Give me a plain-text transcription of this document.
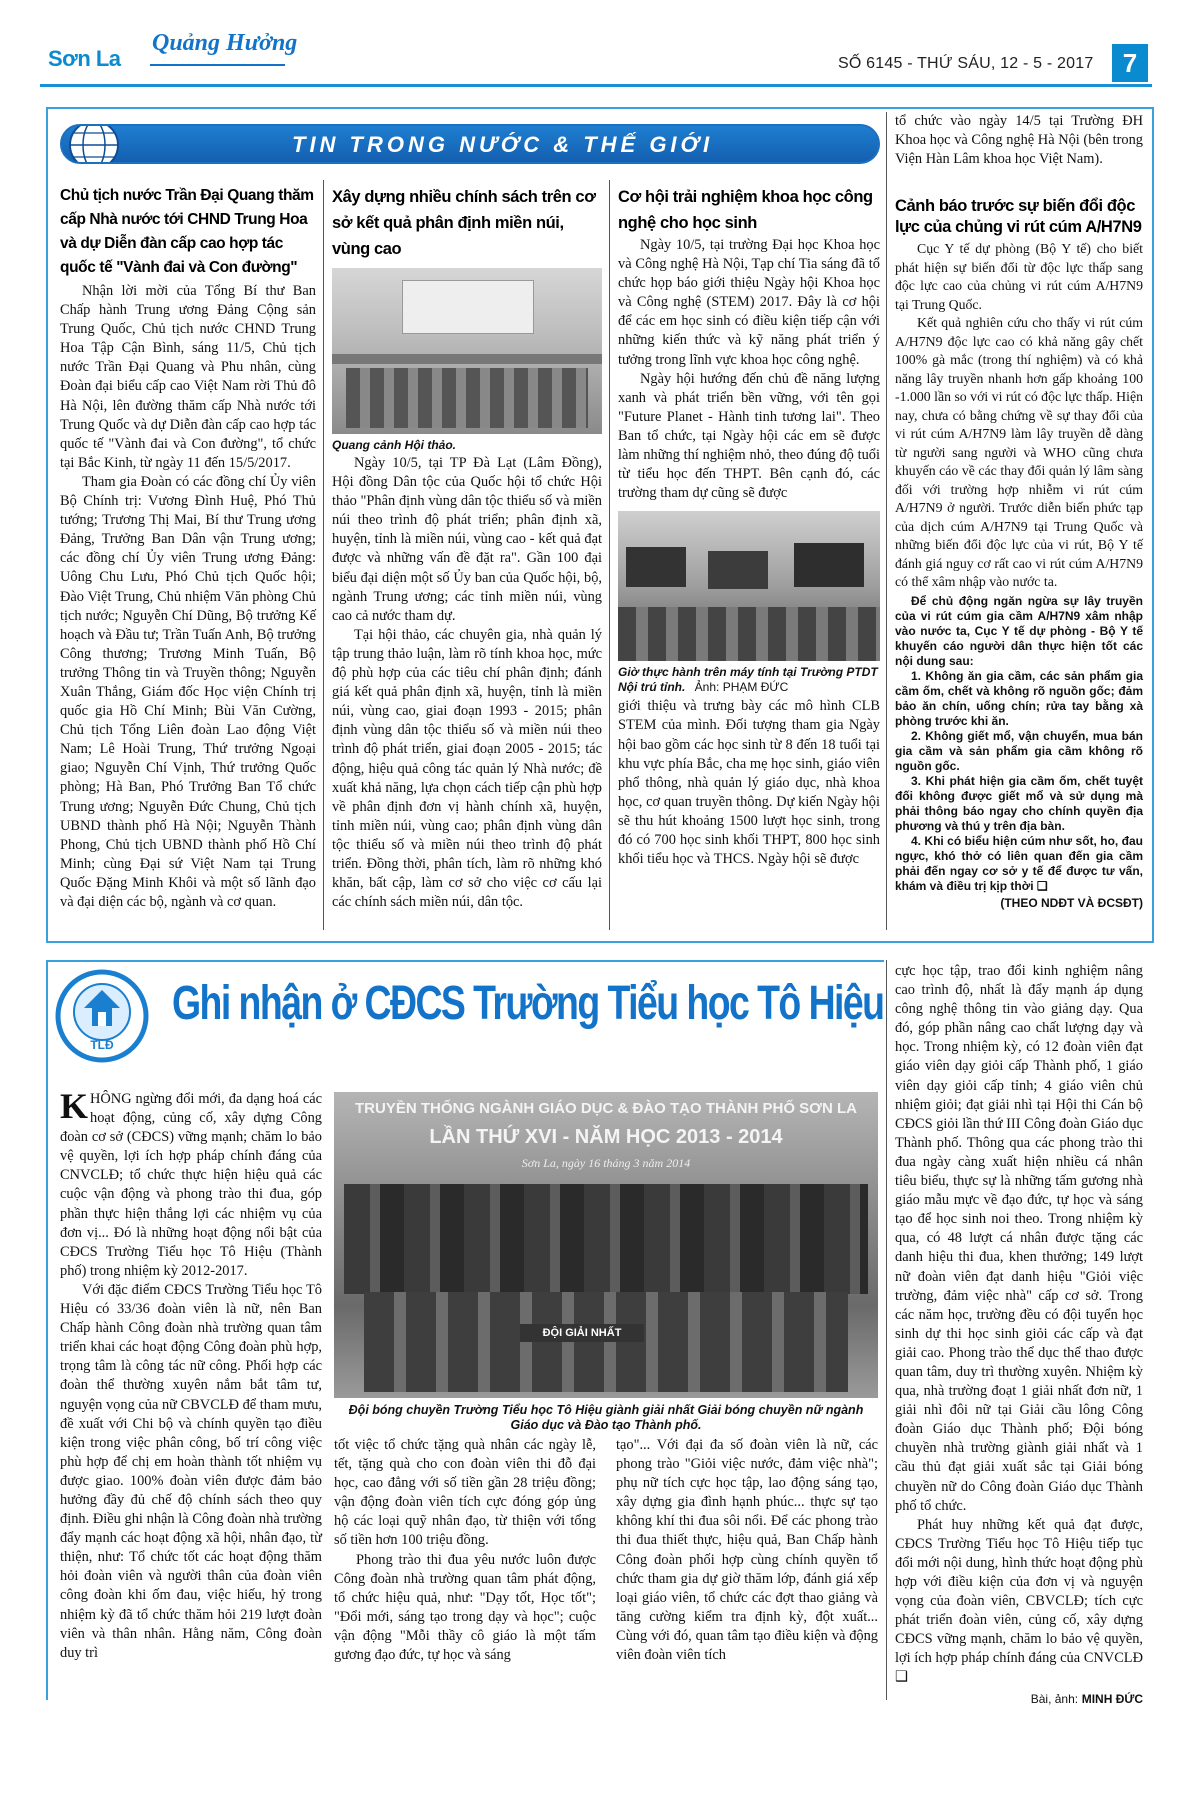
Sơn La
Quảng Hưởng
SỐ 6145 - THỨ SÁU, 12 - 5 - 2017	7
TIN TRONG NƯỚC & THẾ GIỚI

tổ chức vào ngày 14/5 tại Trường ĐH Khoa học và Công nghệ Hà Nội (bên trong Viện Hàn Lâm khoa học Việt Nam).

Chủ tịch nước Trần Đại Quang thăm cấp Nhà nước tới CHND Trung Hoa và dự Diễn đàn cấp cao hợp tác quốc tế "Vành đai và Con đường"

Nhận lời mời của Tổng Bí thư Ban Chấp hành Trung ương Đảng Cộng sản Trung Quốc, Chủ tịch nước CHND Trung Hoa Tập Cận Bình, sáng 11/5, Chủ tịch nước Trần Đại Quang và Phu nhân, cùng Đoàn đại biểu cấp cao Việt Nam rời Thủ đô Hà Nội, lên đường thăm cấp Nhà nước tới Trung Quốc và dự Diễn đàn cấp cao hợp tác quốc tế "Vành đai và Con đường", tổ chức tại Bắc Kinh, từ ngày 11 đến 15/5/2017.

Tham gia Đoàn có các đồng chí Ủy viên Bộ Chính trị: Vương Đình Huệ, Phó Thủ tướng; Trương Thị Mai, Bí thư Trung ương Đảng, Trưởng Ban Dân vận Trung ương; các đồng chí Ủy viên Trung ương Đảng: Uông Chu Lưu, Phó Chủ tịch Quốc hội; Đào Việt Trung, Chủ nhiệm Văn phòng Chủ tịch nước; Nguyễn Chí Dũng, Bộ trưởng Kế hoạch và Đầu tư; Trần Tuấn Anh, Bộ trưởng Công thương; Trương Minh Tuấn, Bộ trưởng Thông tin và Truyền thông; Nguyễn Xuân Thắng, Giám đốc Học viện Chính trị quốc gia Hồ Chí Minh; Bùi Văn Cường, Chủ tịch Tổng Liên đoàn Lao động Việt Nam; Lê Hoài Trung, Thứ trưởng Ngoại giao; Nguyễn Chí Vịnh, Thứ trưởng Quốc phòng; Hà Ban, Phó Trưởng Ban Tổ chức Trung ương; Nguyễn Đức Chung, Chủ tịch UBND thành phố Hà Nội; Nguyễn Thành Phong, Chủ tịch UBND thành phố Hồ Chí Minh; cùng Đại sứ Việt Nam tại Trung Quốc Đặng Minh Khôi và một số lãnh đạo và đại diện các bộ, ngành và cơ quan.

Xây dựng nhiều chính sách trên cơ sở kết quả phân định miền núi, vùng cao
Quang cảnh Hội thảo.

Ngày 10/5, tại TP Đà Lạt (Lâm Đồng), Hội đồng Dân tộc của Quốc hội tổ chức Hội thảo "Phân định vùng dân tộc thiểu số và miền núi theo trình độ phát triển; phân định xã, huyện, tỉnh là miền núi, vùng cao - kết quả đạt được và những vấn đề đặt ra". Gần 100 đại biểu đại diện một số Ủy ban của Quốc hội, bộ, ngành Trung ương; các tỉnh miền núi, vùng cao cả nước tham dự.

Tại hội thảo, các chuyên gia, nhà quản lý tập trung thảo luận, làm rõ tính khoa học, mức độ phù hợp của các tiêu chí phân định; đánh giá kết quả phân định xã, huyện, tỉnh là miền núi, vùng cao, giai đoạn 1993 - 2015; phân định vùng dân tộc thiểu số và miền núi theo trình độ phát triển, giai đoạn 2005 - 2015; tác động, hiệu quả công tác quản lý Nhà nước; đề xuất khả năng, lựa chọn cách tiếp cận phù hợp về phân định đơn vị hành chính xã, huyện, tỉnh miền núi, vùng cao; phân định vùng dân tộc thiểu số và miền núi theo trình độ phát triển. Đồng thời, phân tích, làm rõ những khó khăn, bất cập, làm cơ sở cho việc cơ cấu lại các chính sách miền núi, dân tộc.

Cơ hội trải nghiệm khoa học công nghệ cho học sinh

Ngày 10/5, tại trường Đại học Khoa học và Công nghệ Hà Nội, Tạp chí Tia sáng đã tổ chức họp báo giới thiệu Ngày hội Khoa học và Công nghệ (STEM) 2017. Đây là cơ hội để các em học sinh có điều kiện tiếp cận với những kiến thức và kỹ năng phát triển ý tưởng trong lĩnh vực khoa học công nghệ.

Ngày hội hướng đến chủ đề năng lượng xanh và phát triển bền vững, với tên gọi "Future Planet - Hành tinh tương lai". Theo Ban tổ chức, tại Ngày hội các em sẽ được làm những thí nghiệm nhỏ, theo đúng độ tuổi từ tiểu học đến THPT. Bên cạnh đó, các trường tham dự cũng sẽ được

Giờ thực hành trên máy tính tại Trường PTDT Nội trú tỉnh. Ảnh: PHẠM ĐỨC

giới thiệu và trưng bày các mô hình CLB STEM của mình. Đối tượng tham gia Ngày hội bao gồm các học sinh từ 8 đến 18 tuổi tại khu vực phía Bắc, cha mẹ học sinh, giáo viên phổ thông, nhà quản lý giáo dục, nhà khoa học, cơ quan truyền thông. Dự kiến Ngày hội sẽ thu hút khoảng 1500 lượt học sinh, trong đó có 700 học sinh khối THPT, 800 học sinh khối tiểu học và THCS. Ngày hội sẽ được

Cảnh báo trước sự biến đổi độc lực của chủng vi rút cúm A/H7N9

Cục Y tế dự phòng (Bộ Y tế) cho biết phát hiện sự biến đổi từ độc lực thấp sang độc lực cao của chủng vi rút cúm A/H7N9 tại Trung Quốc.

Kết quả nghiên cứu cho thấy vi rút cúm A/H7N9 độc lực cao có khả năng gây chết 100% gà mắc (trong thí nghiệm) và có khả năng lây truyền nhanh hơn gấp khoảng 100 -1.000 lần so với vi rút có độc lực thấp. Hiện nay, chưa có bằng chứng về sự thay đổi của vi rút cúm A/H7N9 làm lây truyền dễ dàng từ người sang người và WHO cũng chưa khuyến cáo về các thay đổi quản lý lâm sàng đối với trường hợp nhiễm vi rút cúm A/H7N9 ở người. Trước diễn biến phức tạp của dịch cúm A/H7N9 tại Trung Quốc và những biến đổi độc lực của vi rút, Bộ Y tế đánh giá nguy cơ rất cao vi rút cúm A/H7N9 có thể xâm nhập vào nước ta.

Để chủ động ngăn ngừa sự lây truyền của vi rút cúm gia cầm A/H7N9 xâm nhập vào nước ta, Cục Y tế dự phòng - Bộ Y tế khuyến cáo người dân thực hiện tốt các nội dung sau:

1. Không ăn gia cầm, các sản phẩm gia cầm ốm, chết và không rõ nguồn gốc; đảm bảo ăn chín, uống chín; rửa tay bằng xà phòng trước khi ăn.

2. Không giết mổ, vận chuyển, mua bán gia cầm và sản phẩm gia cầm không rõ nguồn gốc.

3. Khi phát hiện gia cầm ốm, chết tuyệt đối không được giết mổ và sử dụng mà phải thông báo ngay cho chính quyền địa phương và thú y trên địa bàn.

4. Khi có biểu hiện cúm như sốt, ho, đau ngực, khó thở có liên quan đến gia cầm phải đến ngay cơ sở y tế để được tư vấn, khám và điều trị kịp thời ❑

(THEO NDĐT VÀ ĐCSĐT)
TLĐ
Ghi nhận ở CĐCS Trường Tiểu học Tô Hiệu

KHÔNG ngừng đổi mới, đa dạng hoá các hoạt động, củng cố, xây dựng Công đoàn cơ sở (CĐCS) vững mạnh; chăm lo bảo vệ quyền, lợi ích hợp pháp chính đáng của CNVCLĐ; tổ chức thực hiện hiệu quả các cuộc vận động và phong trào thi đua, góp phần thực hiện thắng lợi các nhiệm vụ của đơn vị... Đó là những hoạt động nổi bật của CĐCS Trường Tiểu học Tô Hiệu (Thành phố) trong nhiệm kỳ 2012-2017.

Với đặc điểm CĐCS Trường Tiểu học Tô Hiệu có 33/36 đoàn viên là nữ, nên Ban Chấp hành Công đoàn nhà trường quan tâm triển khai các hoạt động Công đoàn phù hợp, trọng tâm là công tác nữ công. Phối hợp các đoàn thể thường xuyên nắm bắt tâm tư, nguyện vọng của nữ CBVCLĐ để tham mưu, đề xuất với Chi bộ và chính quyền tạo điều kiện trong việc phân công, bố trí công việc phù hợp để chị em hoàn thành tốt nhiệm vụ được giao. 100% đoàn viên được đảm bảo hưởng đầy đủ chế độ chính sách theo quy định. Điều ghi nhận là Công đoàn nhà trường đẩy mạnh các hoạt động xã hội, nhân đạo, từ thiện, như: Tổ chức tốt các hoạt động thăm hỏi đoàn viên và người thân của đoàn viên công đoàn khi ốm đau, việc hiếu, hỷ trong nhiệm kỳ đã tổ chức thăm hỏi 219 lượt đoàn viên và thân nhân. Hằng năm, Công đoàn duy trì

TRUYỀN THỐNG NGÀNH GIÁO DỤC & ĐÀO TẠO THÀNH PHỐ SƠN LA
LẦN THỨ XVI - NĂM HỌC 2013 - 2014
Sơn La, ngày 16 tháng 3 năm 2014
ĐỘI GIẢI NHẤT
Đội bóng chuyền Trường Tiểu học Tô Hiệu giành giải nhất Giải bóng chuyền nữ ngành Giáo dục và Đào tạo Thành phố.

tốt việc tổ chức tặng quà nhân các ngày lễ, tết, tặng quà cho con đoàn viên thi đỗ đại học, cao đẳng với số tiền gần 28 triệu đồng; vận động đoàn viên tích cực đóng góp ủng hộ các loại quỹ nhân đạo, từ thiện với tổng số tiền hơn 100 triệu đồng.

Phong trào thi đua yêu nước luôn được Công đoàn nhà trường quan tâm phát động, tổ chức hiệu quả, như: "Dạy tốt, Học tốt"; "Đổi mới, sáng tạo trong dạy và học"; cuộc vận động "Mỗi thầy cô giáo là một tấm gương đạo đức, tự học và sáng

tạo"... Với đại đa số đoàn viên là nữ, các phong trào "Giỏi việc nước, đảm việc nhà"; phụ nữ tích cực học tập, lao động sáng tạo, xây dựng gia đình hạnh phúc... thực sự tạo không khí thi đua sôi nổi. Để các phong trào thi đua thiết thực, hiệu quả, Ban Chấp hành Công đoàn phối hợp cùng chính quyền tổ chức tham gia dự giờ thăm lớp, đánh giá xếp loại giáo viên, tổ chức các đợt thao giảng và tăng cường kiểm tra định kỳ, đột xuất... Cùng với đó, quan tâm tạo điều kiện và động viên đoàn viên tích

cực học tập, trao đổi kinh nghiệm nâng cao trình độ, nhất là đẩy mạnh áp dụng công nghệ thông tin vào giảng dạy. Qua đó, góp phần nâng cao chất lượng dạy và học. Trong nhiệm kỳ, có 12 đoàn viên đạt giáo viên dạy giỏi cấp Thành phố, 1 giáo viên dạy giỏi cấp tỉnh; 4 giáo viên chủ nhiệm giỏi; đạt giải nhì tại Hội thi Cán bộ CĐCS giỏi lần thứ III Công đoàn Giáo dục Thành phố. Thông qua các phong trào thi đua ngày càng xuất hiện nhiều cá nhân tiêu biểu, thực sự là những tấm gương nhà giáo mẫu mực về đạo đức, tự học và sáng tạo để học sinh noi theo. Trong nhiệm kỳ qua, có 48 lượt cá nhân được tặng các danh hiệu thi đua, khen thưởng; 149 lượt nữ đoàn viên đạt danh hiệu "Giỏi việc trường, đảm việc nhà" cấp cơ sở. Trong các năm học, trường đều có đội tuyển học sinh dự thi học sinh giỏi các cấp và đạt giải cao. Phong trào thể dục thể thao được quan tâm, duy trì thường xuyên. Nhiệm kỳ qua, nhà trường đoạt 1 giải nhất đơn nữ, 1 giải nhì đôi nữ tại Giải cầu lông Công đoàn Giáo dục Thành phố; Đội bóng chuyền nhà trường giành giải nhất và 1 cầu thủ đạt giải xuất sắc tại Giải bóng chuyền nữ do Công đoàn Giáo dục Thành phố tổ chức.

Phát huy những kết quả đạt được, CĐCS Trường Tiểu học Tô Hiệu tiếp tục đổi mới nội dung, hình thức hoạt động phù hợp với điều kiện của đơn vị và nguyện vọng của đoàn viên, CBVCLĐ; tích cực phát triển đoàn viên, củng cố, xây dựng CĐCS vững mạnh, chăm lo bảo vệ quyền, lợi ích hợp pháp chính đáng của CNVCLĐ ❑

Bài, ảnh: MINH ĐỨC
